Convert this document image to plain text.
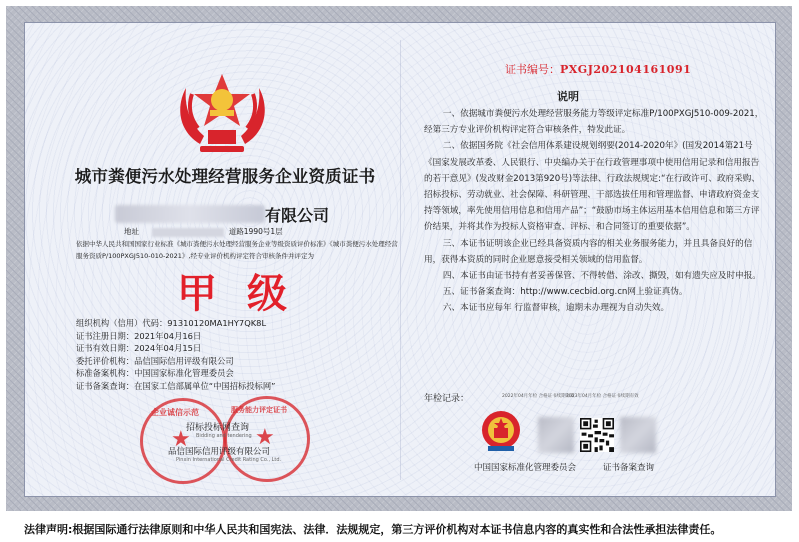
城市粪便污水处理经营服务企业资质证书
有限公司
地址	道路1990号1层
依据中华人民共和国国家行业标准《城市粪便污水处理经营服务企业等级资质评价标准》《城市粪便污水处理经营服务资质P/100PXGJ510-010-2021》,经专业评价机构评定符合审核条件并评定为
甲级
组织机构（信用）代码：91310120MA1HY7QK8L
证书注册日期：2021年04月16日
证书有效日期：2024年04月15日
委托评价机构：品信国际信用评级有限公司
标准备案机构：中国国家标准化管理委员会
证书备案查询：在国家工信部属单位“中国招标投标网”
★
企业诚信示范
★
服务能力评定证书
招标投标网查询
Bidding and tendering
品信国际信用评级有限公司
Pinxin International Credit Rating Co., Ltd.
证书编号：PXGJ202104161091
说明

一、依据城市粪便污水处理经营服务能力等级评定标准P/100PXGJ510-009-2021，经第三方专业评价机构评定符合审核条件，特发此证。

二、依据国务院《社会信用体系建设规划纲要(2014-2020年》(国发2014第21号《国家发展改革委、人民银行、中央编办关于在行政管理事项中使用信用记录和信用报告的若干意见》(发改财金2013第920号)等法律、行政法规规定:“在行政许可、政府采购、招标投标、劳动就业、社会保障、科研管理、干部选拔任用和管理监督、申请政府资金支持等领域，率先使用信用信息和信用产品”；“鼓励市场主体运用基本信用信息和第三方评价结果，并将其作为投标人资格审查、评标、和合同签订的重要依据”。

三、本证书证明该企业已经具备资质内容的相关业务服务能力，并且具备良好的信用，获得本资质的同时企业愿意接受相关领域的信用监督。

四、本证书由证书持有者妥善保管、不得转借、涂改、撕毁，如有遗失应及时申报。

五、证书备案查询：http://www.cecbid.org.cn网上验证真伪。

六、本证书应每年 行监督审核，逾期未办理视为自动失效。

年检记录：	2022年04月年检 合格证书续期有效
2023年04月年检 合格证书续期有效
中国国家标准化管理委员会	证书备案查询
法律声明:根据国际通行法律原则和中华人民共和国宪法、法律．法规规定，第三方评价机构对本证书信息内容的真实性和合法性承担法律责任。
